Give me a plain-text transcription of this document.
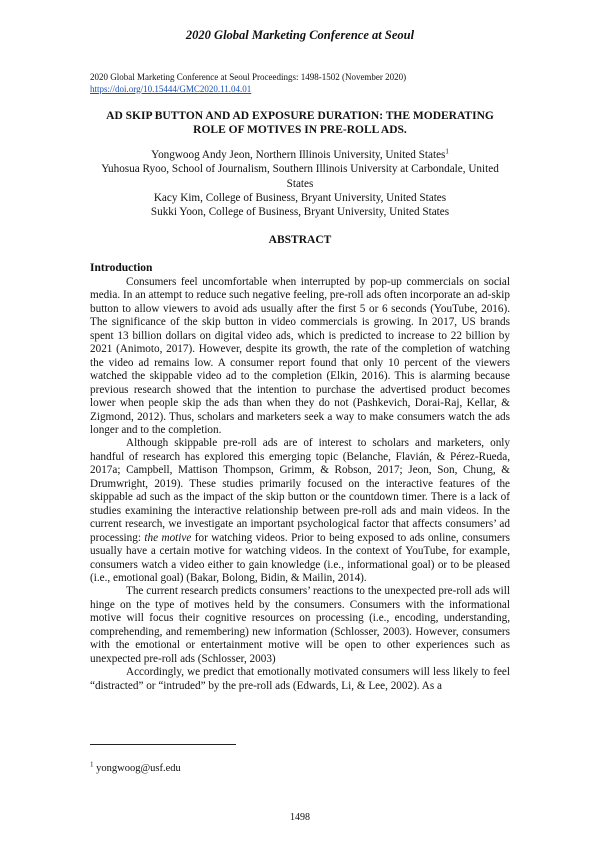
2020 Global Marketing Conference at Seoul
2020 Global Marketing Conference at Seoul Proceedings: 1498-1502 (November 2020)
https://doi.org/10.15444/GMC2020.11.04.01
AD SKIP BUTTON AND AD EXPOSURE DURATION: THE MODERATING ROLE OF MOTIVES IN PRE-ROLL ADS.
Yongwoog Andy Jeon, Northern Illinois University, United States$^1$
Yuhosua Ryoo, School of Journalism, Southern Illinois University at Carbondale, United States
Kacy Kim, College of Business, Bryant University, United States
Sukki Yoon, College of Business, Bryant University, United States
ABSTRACT
Introduction

Consumers feel uncomfortable when interrupted by pop-up commercials on social media. In an attempt to reduce such negative feeling, pre-roll ads often incorporate an ad-skip button to allow viewers to avoid ads usually after the first 5 or 6 seconds (YouTube, 2016). The significance of the skip button in video commercials is growing. In 2017, US brands spent 13 billion dollars on digital video ads, which is predicted to increase to 22 billion by 2021 (Animoto, 2017). However, despite its growth, the rate of the completion of watching the video ad remains low. A consumer report found that only 10 percent of the viewers watched the skippable video ad to the completion (Elkin, 2016). This is alarming because previous research showed that the intention to purchase the advertised product becomes lower when people skip the ads than when they do not (Pashkevich, Dorai-Raj, Kellar, & Zigmond, 2012). Thus, scholars and marketers seek a way to make consumers watch the ads longer and to the completion.

Although skippable pre-roll ads are of interest to scholars and marketers, only handful of research has explored this emerging topic (Belanche, Flavián, & Pérez-Rueda, 2017a; Campbell, Mattison Thompson, Grimm, & Robson, 2017; Jeon, Son, Chung, & Drumwright, 2019). These studies primarily focused on the interactive features of the skippable ad such as the impact of the skip button or the countdown timer. There is a lack of studies examining the interactive relationship between pre-roll ads and main videos. In the current research, we investigate an important psychological factor that affects consumers’ ad processing: the motive for watching videos. Prior to being exposed to ads online, consumers usually have a certain motive for watching videos. In the context of YouTube, for example, consumers watch a video either to gain knowledge (i.e., informational goal) or to be pleased (i.e., emotional goal) (Bakar, Bolong, Bidin, & Mailin, 2014).

The current research predicts consumers’ reactions to the unexpected pre-roll ads will hinge on the type of motives held by the consumers. Consumers with the informational motive will focus their cognitive resources on processing (i.e., encoding, understanding, comprehending, and remembering) new information (Schlosser, 2003). However, consumers with the emotional or entertainment motive will be open to other experiences such as unexpected pre-roll ads (Schlosser, 2003)

Accordingly, we predict that emotionally motivated consumers will less likely to feel “distracted” or “intruded” by the pre-roll ads (Edwards, Li, & Lee, 2002). As a

$^1$ yongwoog@usf.edu
1498
